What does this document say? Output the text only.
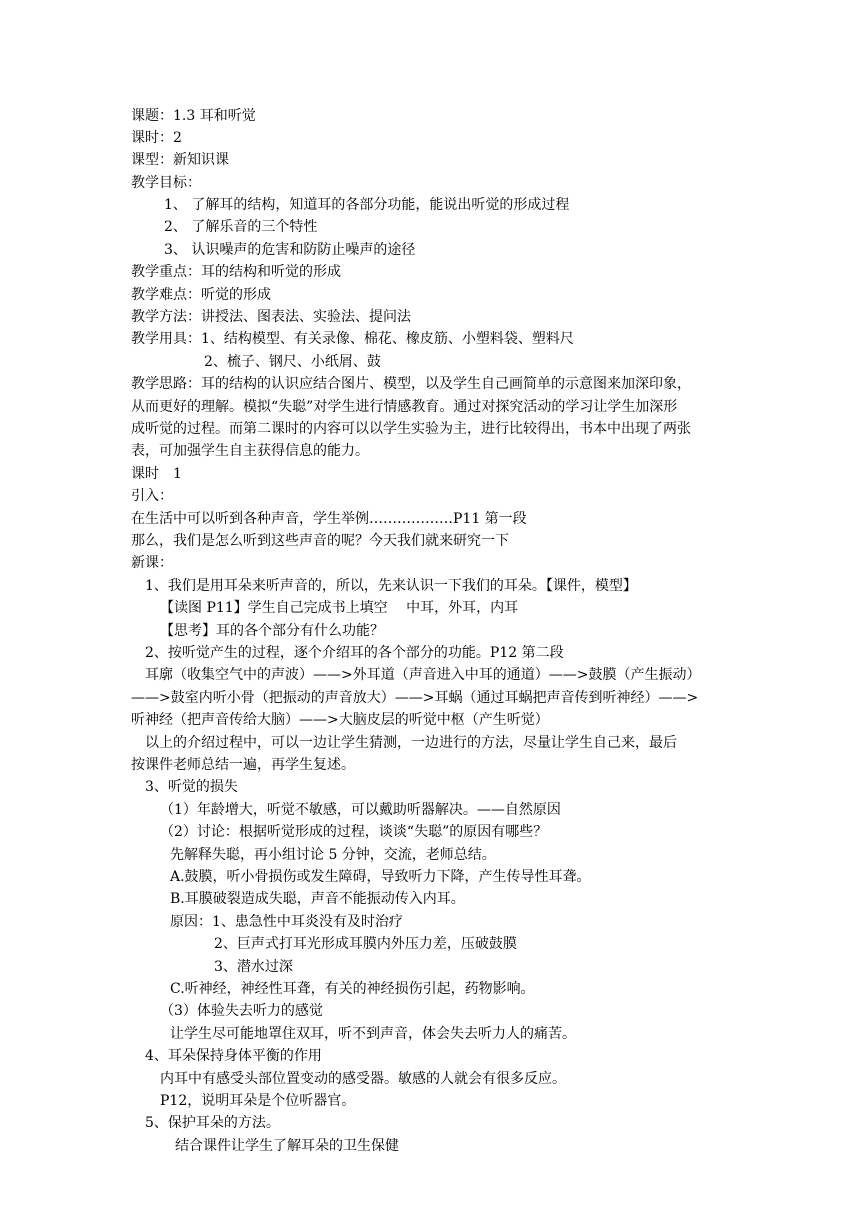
课题：1.3 耳和听觉
课时：2
课型：新知识课
教学目标：
1、 了解耳的结构，知道耳的各部分功能，能说出听觉的形成过程
2、 了解乐音的三个特性
3、 认识噪声的危害和防防止噪声的途径
教学重点：耳的结构和听觉的形成
教学难点：听觉的形成
教学方法：讲授法、图表法、实验法、提问法
教学用具：1、结构模型、有关录像、棉花、橡皮筋、小塑料袋、塑料尺
2、梳子、钢尺、小纸屑、鼓
教学思路：耳的结构的认识应结合图片、模型，以及学生自己画简单的示意图来加深印象，
从而更好的理解。模拟“失聪”对学生进行情感教育。通过对探究活动的学习让学生加深形
成听觉的过程。而第二课时的内容可以以学生实验为主，进行比较得出，书本中出现了两张
表，可加强学生自主获得信息的能力。
课时　1
引入：
在生活中可以听到各种声音，学生举例………………P11 第一段
那么，我们是怎么听到这些声音的呢？今天我们就来研究一下
新课：
1、我们是用耳朵来听声音的，所以，先来认识一下我们的耳朵。【课件，模型】
【读图 P11】学生自己完成书上填空　 中耳，外耳，内耳
【思考】耳的各个部分有什么功能？
2、按听觉产生的过程，逐个介绍耳的各个部分的功能。P12 第二段
耳廓（收集空气中的声波）——>外耳道（声音进入中耳的通道）——>鼓膜（产生振动）
——>鼓室内听小骨（把振动的声音放大）——>耳蜗（通过耳蜗把声音传到听神经）——>
听神经（把声音传给大脑）——>大脑皮层的听觉中枢（产生听觉）
以上的介绍过程中，可以一边让学生猜测，一边进行的方法，尽量让学生自己来，最后
按课件老师总结一遍，再学生复述。
3、听觉的损失
（1）年龄增大，听觉不敏感，可以戴助听器解决。——自然原因
（2）讨论：根据听觉形成的过程，谈谈“失聪”的原因有哪些？
先解释失聪，再小组讨论 5 分钟，交流，老师总结。
A.鼓膜，听小骨损伤或发生障碍，导致听力下降，产生传导性耳聋。
B.耳膜破裂造成失聪，声音不能振动传入内耳。
原因：1、患急性中耳炎没有及时治疗
2、巨声式打耳光形成耳膜内外压力差，压破鼓膜
3、潜水过深
C.听神经，神经性耳聋，有关的神经损伤引起，药物影响。
（3）体验失去听力的感觉
让学生尽可能地罩住双耳，听不到声音，体会失去听力人的痛苦。
4、耳朵保持身体平衡的作用
内耳中有感受头部位置变动的感受器。敏感的人就会有很多反应。
P12，说明耳朵是个位听器官。
5、保护耳朵的方法。
结合课件让学生了解耳朵的卫生保健
